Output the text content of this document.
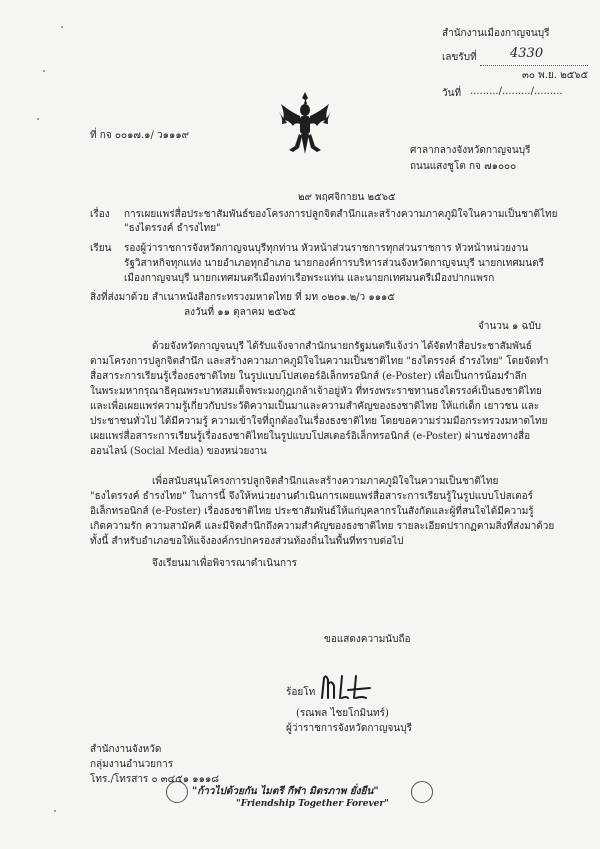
สำนักงานเมืองกาญจนบุรี
เลขรับที่	4330
๓๐ พ.ย. ๒๕๖๕
วันที่ ........./........./.........
ที่ กจ ๐๐๑๗.๑/ ว๑๑๑๙
ศาลากลางจังหวัดกาญจนบุรี
ถนนแสงชูโต กจ ๗๑๐๐๐
๒๙ พฤศจิกายน ๒๕๖๕
เรื่อง การเผยแพร่สื่อประชาสัมพันธ์ของโครงการปลูกจิตสำนึกและสร้างความภาคภูมิใจในความเป็นชาติไทย
"ธงไตรรงค์ ธำรงไทย"
เรียน รองผู้ว่าราชการจังหวัดกาญจนบุรีทุกท่าน หัวหน้าส่วนราชการทุกส่วนราชการ หัวหน้าหน่วยงาน
รัฐวิสาหกิจทุกแห่ง นายอำเภอทุกอำเภอ นายกองค์การบริหารส่วนจังหวัดกาญจนบุรี นายกเทศมนตรี
เมืองกาญจนบุรี นายกเทศมนตรีเมืองท่าเรือพระแท่น และนายกเทศมนตรีเมืองปากแพรก
สิ่งที่ส่งมาด้วย สำเนาหนังสือกระทรวงมหาดไทย ที่ มท ๐๒๐๑.๒/ว ๑๑๑๕
ลงวันที่ ๑๑ ตุลาคม ๒๕๖๕
จำนวน ๑ ฉบับ
ด้วยจังหวัดกาญจนบุรี ได้รับแจ้งจากสำนักนายกรัฐมนตรีแจ้งว่า ได้จัดทำสื่อประชาสัมพันธ์
ตามโครงการปลูกจิตสำนึก และสร้างความภาคภูมิใจในความเป็นชาติไทย "ธงไตรรงค์ ธำรงไทย" โดยจัดทำ
สื่อสาระการเรียนรู้เรื่องธงชาติไทย ในรูปแบบโปสเตอร์อิเล็กทรอนิกส์ (e-Poster) เพื่อเป็นการน้อมรำลึก
ในพระมหากรุณาธิคุณพระบาทสมเด็จพระมงกุฎเกล้าเจ้าอยู่หัว ที่ทรงพระราชทานธงไตรรงค์เป็นธงชาติไทย
และเพื่อเผยแพร่ความรู้เกี่ยวกับประวัติความเป็นมาและความสำคัญของธงชาติไทย ให้แก่เด็ก เยาวชน และ
ประชาชนทั่วไป ได้มีความรู้ ความเข้าใจที่ถูกต้องในเรื่องธงชาติไทย โดยขอความร่วมมือกระทรวงมหาดไทย
เผยแพร่สื่อสาระการเรียนรู้เรื่องธงชาติไทยในรูปแบบโปสเตอร์อิเล็กทรอนิกส์ (e-Poster) ผ่านช่องทางสื่อ
ออนไลน์ (Social Media) ของหน่วยงาน
เพื่อสนับสนุนโครงการปลูกจิตสำนึกและสร้างความภาคภูมิใจในความเป็นชาติไทย
"ธงไตรรงค์ ธำรงไทย" ในการนี้ จึงให้หน่วยงานดำเนินการเผยแพร่สื่อสาระการเรียนรู้ในรูปแบบโปสเตอร์
อิเล็กทรอนิกส์ (e-Poster) เรื่องธงชาติไทย ประชาสัมพันธ์ให้แก่บุคลากรในสังกัดและผู้ที่สนใจได้มีความรู้
เกิดความรัก ความสามัคคี และมีจิตสำนึกถึงความสำคัญของธงชาติไทย รายละเอียดปรากฏตามสิ่งที่ส่งมาด้วย
ทั้งนี้ สำหรับอำเภอขอให้แจ้งองค์กรปกครองส่วนท้องถิ่นในพื้นที่ทราบต่อไป
จึงเรียนมาเพื่อพิจารณาดำเนินการ
ขอแสดงความนับถือ
ร้อยโท
(รณพล ไชยโกมินทร์)
ผู้ว่าราชการจังหวัดกาญจนบุรี
สำนักงานจังหวัด
กลุ่มงานอำนวยการ
โทร./โทรสาร ๐ ๓๔๕๑ ๑๑๑๘
"ก้าวไปด้วยกัน ไมตรี กีฬา มิตรภาพ ยั่งยืน"
"Friendship Together Forever"
